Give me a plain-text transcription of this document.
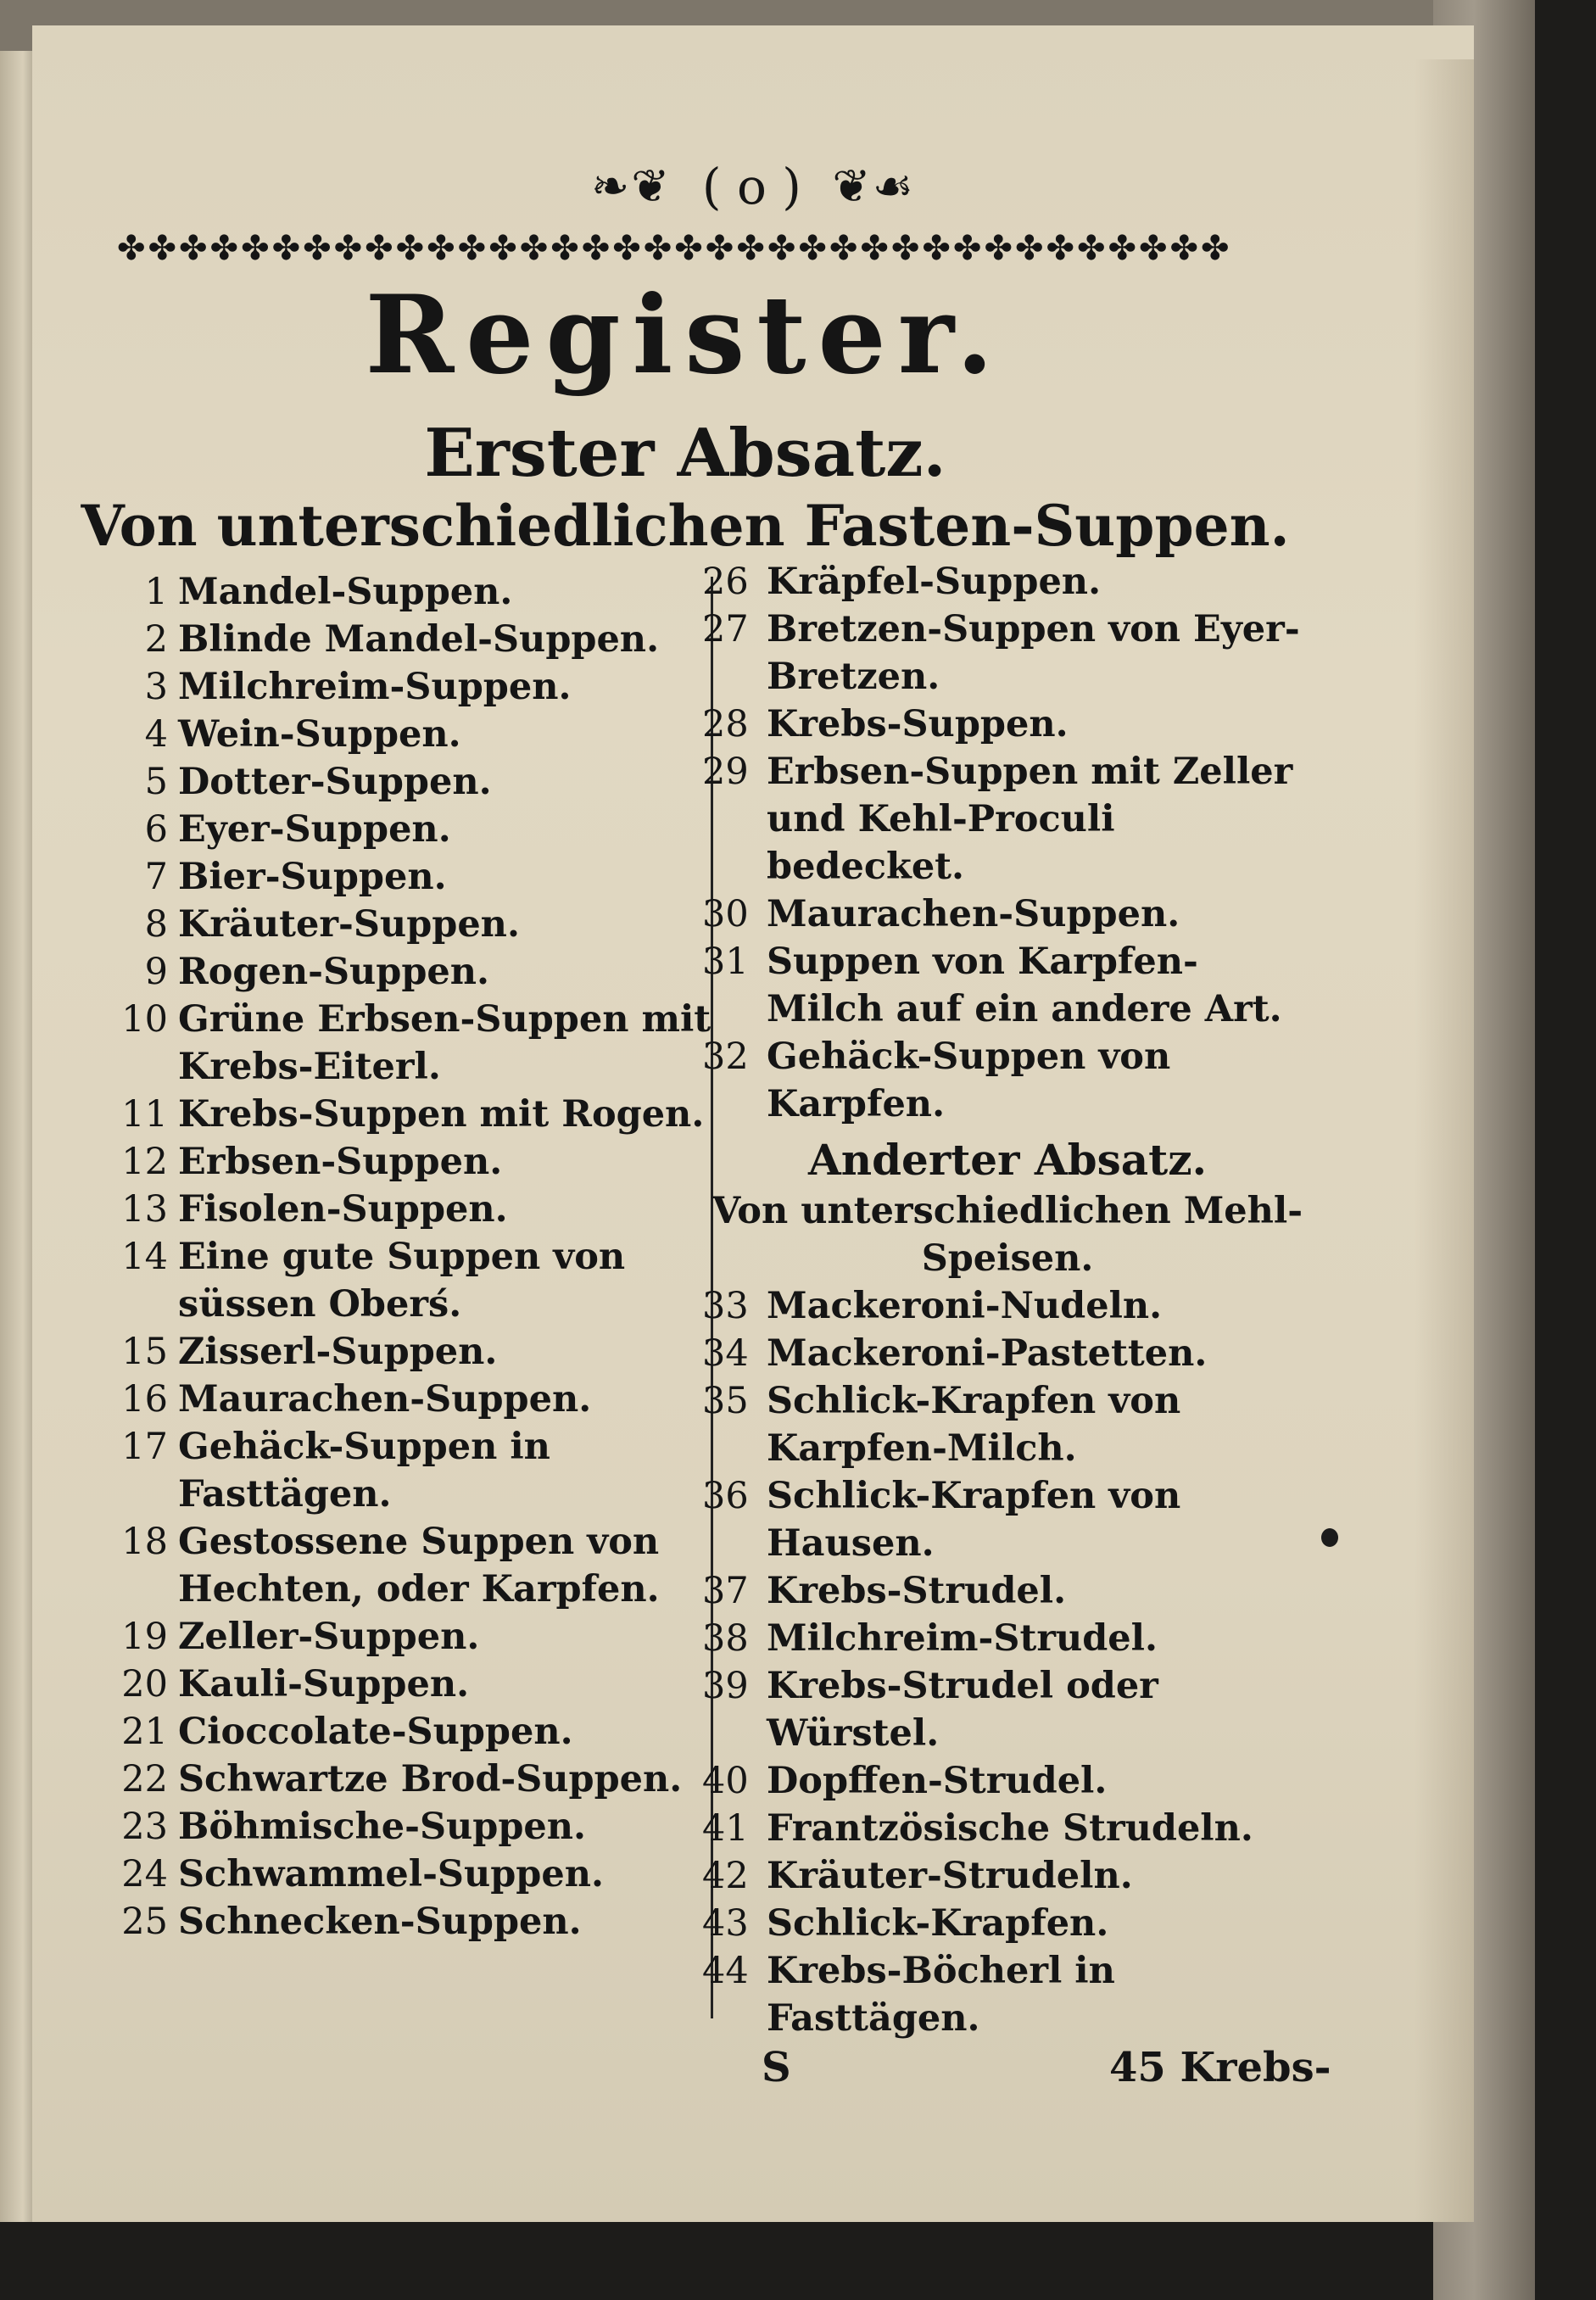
❧❦ ( o ) ❦☙
✤✤✤✤✤✤✤✤✤✤✤✤✤✤✤✤✤✤✤✤✤✤✤✤✤✤✤✤✤✤✤✤✤✤✤✤
Register.
Erster Absatz.
Von unterschiedlichen Fasten-Suppen.
1 Mandel-Suppen.
2 Blinde Mandel-Suppen.
3 Milchreim-Suppen.
4 Wein-Suppen.
5 Dotter-Suppen.
6 Eyer-Suppen.
7 Bier-Suppen.
8 Kräuter-Suppen.
9 Rogen-Suppen.
10 Grüne Erbsen-Suppen mit Krebs-Eiterl.
11 Krebs-Suppen mit Rogen.
12 Erbsen-Suppen.
13 Fisolen-Suppen.
14 Eine gute Suppen von süssen Oberś.
15 Zisserl-Suppen.
16 Maurachen-Suppen.
17 Gehäck-Suppen in Fasttägen.
18 Gestossene Suppen von Hechten, oder Karpfen.
19 Zeller-Suppen.
20 Kauli-Suppen.
21 Cioccolate-Suppen.
22 Schwartze Brod-Suppen.
23 Böhmische-Suppen.
24 Schwammel-Suppen.
25 Schnecken-Suppen.
26 Kräpfel-Suppen.
27 Bretzen-Suppen von Eyer-Bretzen.
28 Krebs-Suppen.
29 Erbsen-Suppen mit Zeller und Kehl-Proculi bedecket.
30 Maurachen-Suppen.
31 Suppen von Karpfen-Milch auf ein andere Art.
32 Gehäck-Suppen von Karpfen.
Anderter Absatz.
Von unterschiedlichen Mehl-Speisen.
33 Mackeroni-Nudeln.
34 Mackeroni-Pastetten.
35 Schlick-Krapfen von Karpfen-Milch.
36 Schlick-Krapfen von Hausen.
37 Krebs-Strudel.
38 Milchreim-Strudel.
39 Krebs-Strudel oder Würstel.
40 Dopffen-Strudel.
41 Frantzösische Strudeln.
42 Kräuter-Strudeln.
43 Schlick-Krapfen.
44 Krebs-Böcherl in Fasttägen.
S	45 Krebs-
